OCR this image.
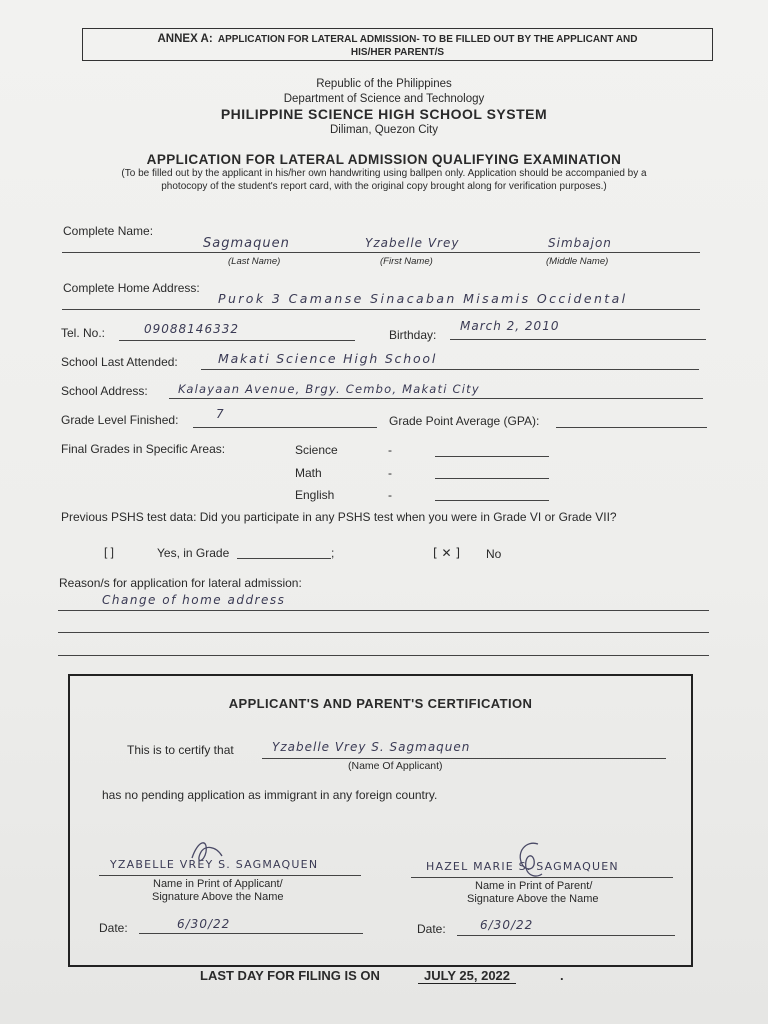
ANNEX A: APPLICATION FOR LATERAL ADMISSION- TO BE FILLED OUT BY THE APPLICANT AND
HIS/HER PARENT/S
Republic of the Philippines
Department of Science and Technology
PHILIPPINE SCIENCE HIGH SCHOOL SYSTEM
Diliman, Quezon City
APPLICATION FOR LATERAL ADMISSION QUALIFYING EXAMINATION
(To be filled out by the applicant in his/her own handwriting using ballpen only. Application should be accompanied by a
photocopy of the student's report card, with the original copy brought along for verification purposes.)
Complete Name:
Sagmaquen	Yzabelle Vrey	Simbajon
(Last Name)	(First Name)	(Middle Name)
Complete Home Address:
Purok 3 Camanse Sinacaban Misamis Occidental
Tel. No.:	09088146332	Birthday:
March 2, 2010
School Last Attended:	Makati Science High School
School Address:	Kalayaan Avenue, Brgy. Cembo, Makati City
Grade Level Finished:	7	Grade Point Average (GPA):
Final Grades in Specific Areas:	Science	-
Math	-
English	-
Previous PSHS test data: Did you participate in any PSHS test when you were in Grade VI or Grade VII?
[ ]	Yes, in Grade	;	[ ✕ ] No
Reason/s for application for lateral admission:
Change of home address
APPLICANT'S AND PARENT'S CERTIFICATION
This is to certify that	Yzabelle Vrey S. Sagmaquen
(Name Of Applicant)
has no pending application as immigrant in any foreign country.
YZABELLE VREY S. SAGMAQUEN
Name in Print of Applicant/
Signature Above the Name
HAZEL MARIE S. SAGMAQUEN
Name in Print of Parent/
Signature Above the Name
Date:	6/30/22	Date:	6/30/22
LAST DAY FOR FILING IS ON	JULY 25, 2022	.
